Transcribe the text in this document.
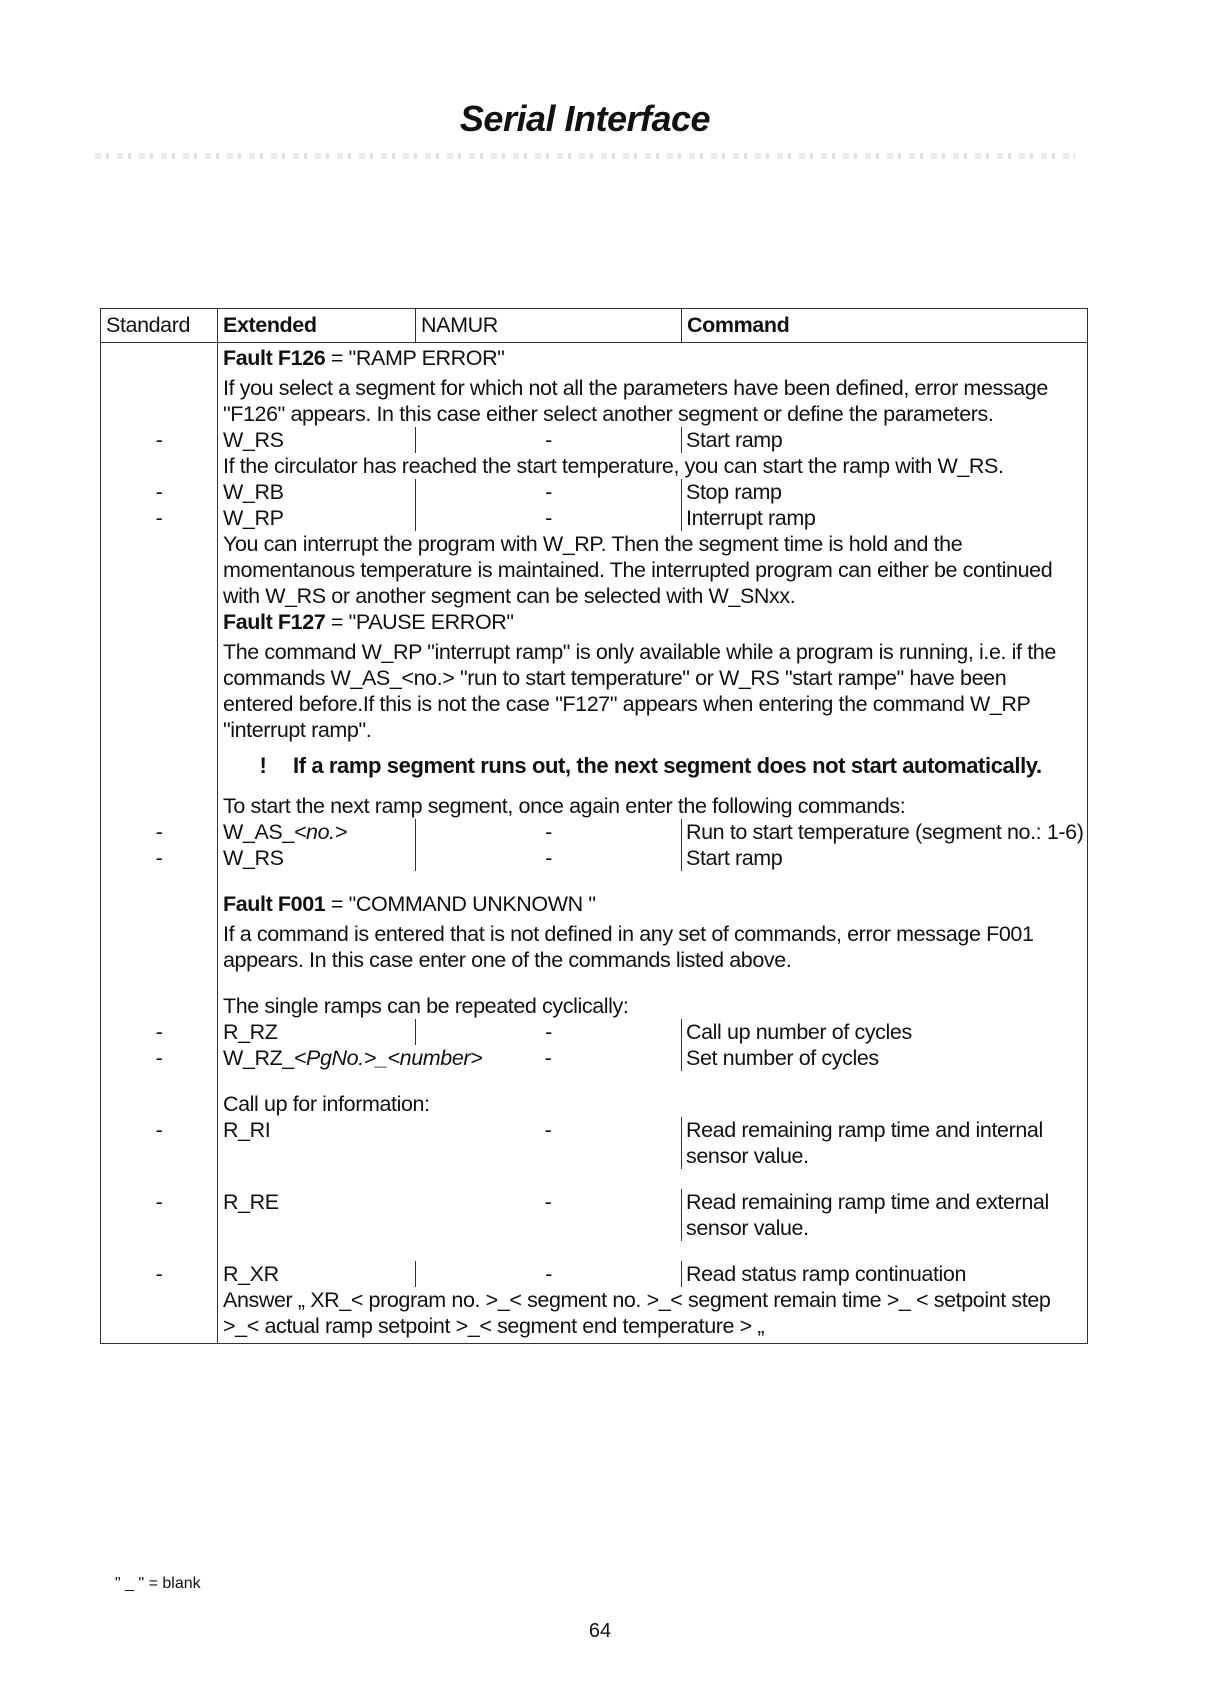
Serial Interface
Standard	Extended	NAMUR	Command
Fault F126 = "RAMP ERROR"
If you select a segment for which not all the parameters have been defined, error message "F126" appears. In this case either select another segment or define the parameters.
-	W_RS	-	Start ramp
If the circulator has reached the start temperature, you can start the ramp with W_RS.
-	W_RB	-	Stop ramp
-	W_RP	-	Interrupt ramp
You can interrupt the program with W_RP. Then the segment time is hold and the momentanous temperature is maintained. The interrupted program can either be continued with W_RS or another segment can be selected with W_SNxx.
Fault F127 = "PAUSE ERROR"
The command W_RP "interrupt ramp" is only available while a program is running, i.e. if the commands W_AS_<no.> "run to start temperature" or W_RS "start rampe" have been entered before.If this is not the case "F127" appears when entering the command W_RP "interrupt ramp".
!	If a ramp segment runs out, the next segment does not start automatically.
To start the next ramp segment, once again enter the following commands:
-	W_AS_<no.>	-	Run to start temperature (segment no.: 1-6)
-	W_RS	-	Start ramp
Fault F001 = "COMMAND UNKNOWN "
If a command is entered that is not defined in any set of commands, error message F001 appears. In this case enter one of the commands listed above.
The single ramps can be repeated cyclically:
-	R_RZ	-	Call up number of cycles
-	W_RZ_<PgNo.>_<number>	-	Set number of cycles
Call up for information:
-	R_RI	-	Read remaining ramp time and internal sensor value.
-	R_RE	-	Read remaining ramp time and external sensor value.
-	R_XR	-	Read status ramp continuation
Answer „ XR_< program no. >_< segment no. >_< segment remain time >_ < setpoint step >_< actual ramp setpoint >_< segment end temperature > „
" _ " = blank
64
